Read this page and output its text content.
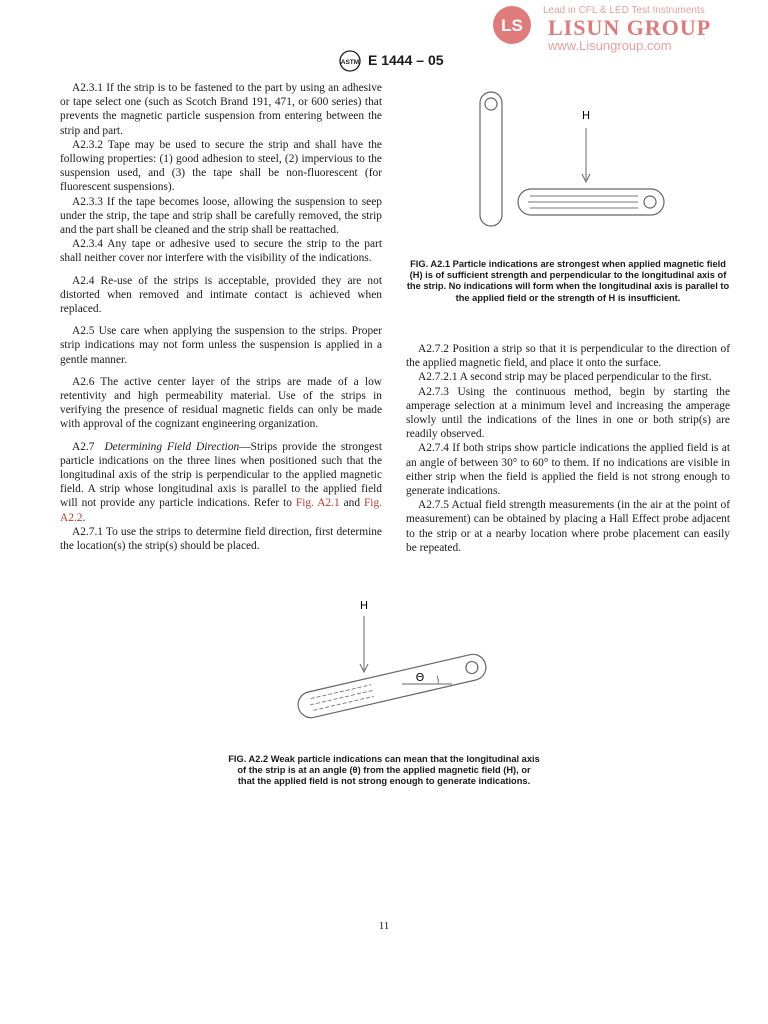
LS
Lead in CFL & LED Test Instruments
LISUN GROUP
www.Lisungroup.com
ASTM E 1444 – 05

A2.3.1 If the strip is to be fastened to the part by using an adhesive or tape select one (such as Scotch Brand 191, 471, or 600 series) that prevents the magnetic particle suspension from entering between the strip and part.

A2.3.2 Tape may be used to secure the strip and shall have the following properties: (1) good adhesion to steel, (2) impervious to the suspension used, and (3) the tape shall be non-fluorescent (for fluorescent suspensions).

A2.3.3 If the tape becomes loose, allowing the suspension to seep under the strip, the tape and strip shall be carefully removed, the strip and the part shall be cleaned and the strip shall be reattached.

A2.3.4 Any tape or adhesive used to secure the strip to the part shall neither cover nor interfere with the visibility of the indications.

A2.4 Re-use of the strips is acceptable, provided they are not distorted when removed and intimate contact is achieved when replaced.

A2.5 Use care when applying the suspension to the strips. Proper strip indications may not form unless the suspension is applied in a gentle manner.

A2.6 The active center layer of the strips are made of a low retentivity and high permeability material. Use of the strips in verifying the presence of residual magnetic fields can only be made with approval of the cognizant engineering organization.

A2.7 Determining Field Direction—Strips provide the strongest particle indications on the three lines when positioned such that the longitudinal axis of the strip is perpendicular to the applied magnetic field. A strip whose longitudinal axis is parallel to the applied field will not provide any particle indications. Refer to Fig. A2.1 and Fig. A2.2.

A2.7.1 To use the strips to determine field direction, first determine the location(s) the strip(s) should be placed.

H
FIG. A2.1 Particle indications are strongest when applied magnetic field (H) is of sufficient strength and perpendicular to the longitudinal axis of the strip. No indications will form when the longitudinal axis is parallel to the applied field or the strength of H is insufficient.

A2.7.2 Position a strip so that it is perpendicular to the direction of the applied magnetic field, and place it onto the surface.

A2.7.2.1 A second strip may be placed perpendicular to the first.

A2.7.3 Using the continuous method, begin by starting the amperage selection at a minimum level and increasing the amperage slowly until the indications of the lines in one or both strip(s) are readily observed.

A2.7.4 If both strips show particle indications the applied field is at an angle of between 30° to 60° to them. If no indications are visible in either strip when the field is applied the field is not strong enough to generate indications.

A2.7.5 Actual field strength measurements (in the air at the point of measurement) can be obtained by placing a Hall Effect probe adjacent to the strip or at a nearby location where probe placement can easily be repeated.

H
Θ
FIG. A2.2 Weak particle indications can mean that the longitudinal axis of the strip is at an angle (θ) from the applied magnetic field (H), or that the applied field is not strong enough to generate indications.
11
